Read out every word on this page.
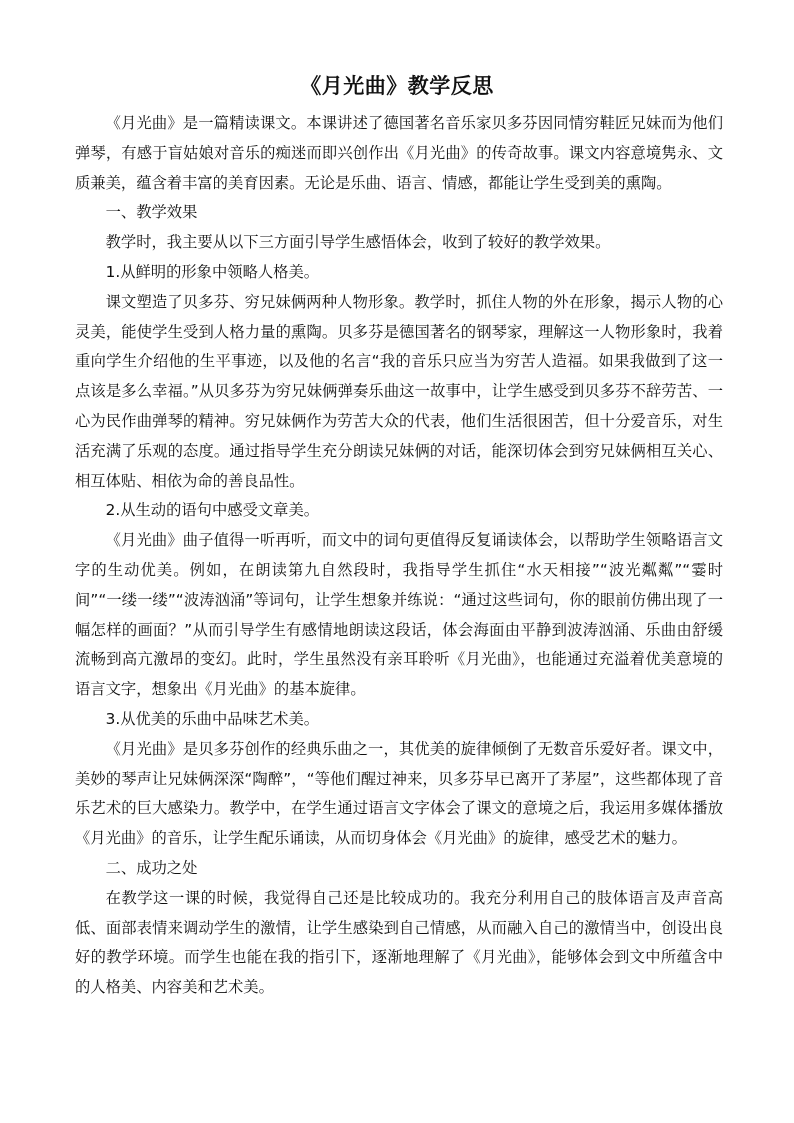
《月光曲》教学反思

《月光曲》是一篇精读课文。本课讲述了德国著名音乐家贝多芬因同情穷鞋匠兄妹而为他们弹琴，有感于盲姑娘对音乐的痴迷而即兴创作出《月光曲》的传奇故事。课文内容意境隽永、文质兼美，蕴含着丰富的美育因素。无论是乐曲、语言、情感，都能让学生受到美的熏陶。

一、教学效果

教学时，我主要从以下三方面引导学生感悟体会，收到了较好的教学效果。

1.从鲜明的形象中领略人格美。

课文塑造了贝多芬、穷兄妹俩两种人物形象。教学时，抓住人物的外在形象，揭示人物的心灵美，能使学生受到人格力量的熏陶。贝多芬是德国著名的钢琴家，理解这一人物形象时，我着重向学生介绍他的生平事迹，以及他的名言“我的音乐只应当为穷苦人造福。如果我做到了这一点该是多么幸福。”从贝多芬为穷兄妹俩弹奏乐曲这一故事中，让学生感受到贝多芬不辞劳苦、一心为民作曲弹琴的精神。穷兄妹俩作为劳苦大众的代表，他们生活很困苦，但十分爱音乐，对生活充满了乐观的态度。通过指导学生充分朗读兄妹俩的对话，能深切体会到穷兄妹俩相互关心、相互体贴、相依为命的善良品性。

2.从生动的语句中感受文章美。

《月光曲》曲子值得一听再听，而文中的词句更值得反复诵读体会，以帮助学生领略语言文字的生动优美。例如，在朗读第九自然段时，我指导学生抓住“水天相接”“波光粼粼”“霎时间”“一缕一缕”“波涛汹涌”等词句，让学生想象并练说：“通过这些词句，你的眼前仿佛出现了一幅怎样的画面？”从而引导学生有感情地朗读这段话，体会海面由平静到波涛汹涌、乐曲由舒缓流畅到高亢激昂的变幻。此时，学生虽然没有亲耳聆听《月光曲》，也能通过充溢着优美意境的语言文字，想象出《月光曲》的基本旋律。

3.从优美的乐曲中品味艺术美。

《月光曲》是贝多芬创作的经典乐曲之一，其优美的旋律倾倒了无数音乐爱好者。课文中，美妙的琴声让兄妹俩深深“陶醉”，“等他们醒过神来，贝多芬早已离开了茅屋”，这些都体现了音乐艺术的巨大感染力。教学中，在学生通过语言文字体会了课文的意境之后，我运用多媒体播放《月光曲》的音乐，让学生配乐诵读，从而切身体会《月光曲》的旋律，感受艺术的魅力。

二、成功之处

在教学这一课的时候，我觉得自己还是比较成功的。我充分利用自己的肢体语言及声音高低、面部表情来调动学生的激情，让学生感染到自己情感，从而融入自己的激情当中，创设出良好的教学环境。而学生也能在我的指引下，逐渐地理解了《月光曲》，能够体会到文中所蕴含中的人格美、内容美和艺术美。
